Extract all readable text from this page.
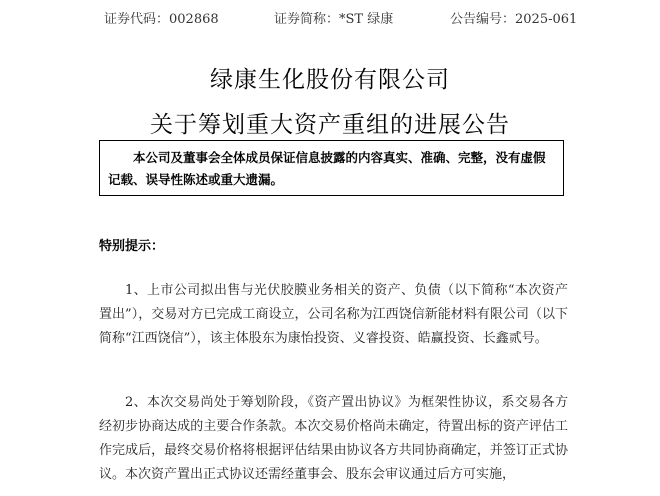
证券代码：002868	证券简称：*ST 绿康	公告编号：2025-061
绿康生化股份有限公司
关于筹划重大资产重组的进展公告
本公司及董事会全体成员保证信息披露的内容真实、准确、完整，没有虚假记载、误导性陈述或重大遗漏。
特别提示：

1、上市公司拟出售与光伏胶膜业务相关的资产、负债（以下简称“本次资产置出”），交易对方已完成工商设立，公司名称为江西饶信新能材料有限公司（以下简称“江西饶信”），该主体股东为康怡投资、义睿投资、皓赢投资、长鑫贰号。

2、本次交易尚处于筹划阶段，《资产置出协议》为框架性协议，系交易各方经初步协商达成的主要合作条款。本次交易价格尚未确定，待置出标的资产评估工作完成后，最终交易价格将根据评估结果由协议各方共同协商确定，并签订正式协议。本次资产置出正式协议还需经董事会、股东会审议通过后方可实施，
